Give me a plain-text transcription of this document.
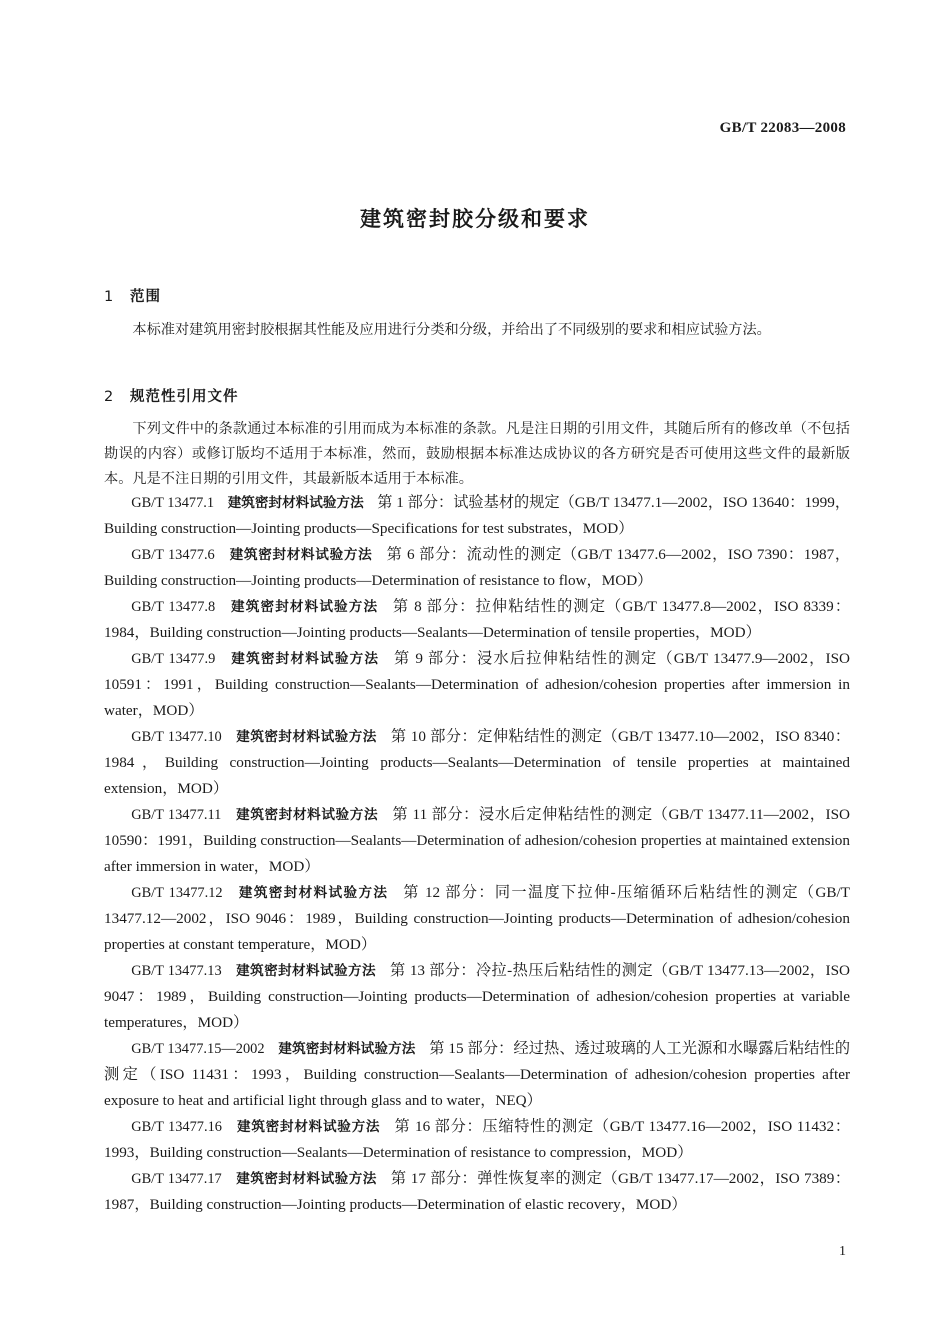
GB/T 22083—2008
建筑密封胶分级和要求
1 范围
本标准对建筑用密封胶根据其性能及应用进行分类和分级，并给出了不同级别的要求和相应试验方法。
2 规范性引用文件
下列文件中的条款通过本标准的引用而成为本标准的条款。凡是注日期的引用文件，其随后所有的修改单（不包括勘误的内容）或修订版均不适用于本标准，然而，鼓励根据本标准达成协议的各方研究是否可使用这些文件的最新版本。凡是不注日期的引用文件，其最新版本适用于本标准。

GB/T 13477.1　 建筑密封材料试验方法　 第 1 部分：试验基材的规定（GB/T 13477.1—2002，ISO 13640：1999，Building construction—Jointing products—Specifications for test substrates，MOD）

GB/T 13477.6　 建筑密封材料试验方法　 第 6 部分：流动性的测定（GB/T 13477.6—2002，ISO 7390：1987，Building construction—Jointing products—Determination of resistance to flow，MOD）

GB/T 13477.8　 建筑密封材料试验方法　 第 8 部分：拉伸粘结性的测定（GB/T 13477.8—2002，ISO 8339：1984，Building construction—Jointing products—Sealants—Determination of tensile properties，MOD）

GB/T 13477.9　 建筑密封材料试验方法　 第 9 部分：浸水后拉伸粘结性的测定（GB/T 13477.9—2002，ISO 10591：1991，Building construction—Sealants—Determination of adhesion/cohesion properties after immersion in water，MOD）

GB/T 13477.10　 建筑密封材料试验方法　 第 10 部分：定伸粘结性的测定（GB/T 13477.10—2002，ISO 8340：1984，Building construction—Jointing products—Sealants—Determination of tensile properties at maintained extension，MOD）

GB/T 13477.11　 建筑密封材料试验方法　 第 11 部分：浸水后定伸粘结性的测定（GB/T 13477.11—2002，ISO 10590：1991，Building construction—Sealants—Determination of adhesion/cohesion properties at maintained extension after immersion in water，MOD）

GB/T 13477.12　 建筑密封材料试验方法　 第 12 部分：同一温度下拉伸-压缩循环后粘结性的测定（GB/T 13477.12—2002，ISO 9046：1989，Building construction—Jointing products—Determination of adhesion/cohesion properties at constant temperature，MOD）

GB/T 13477.13　 建筑密封材料试验方法　 第 13 部分：冷拉-热压后粘结性的测定（GB/T 13477.13—2002，ISO 9047：1989，Building construction—Jointing products—Determination of adhesion/cohesion properties at variable temperatures，MOD）

GB/T 13477.15—2002　 建筑密封材料试验方法　 第 15 部分：经过热、透过玻璃的人工光源和水曝露后粘结性的测定（ISO 11431：1993，Building construction—Sealants—Determination of adhesion/cohesion properties after exposure to heat and artificial light through glass and to water，NEQ）

GB/T 13477.16　 建筑密封材料试验方法　 第 16 部分：压缩特性的测定（GB/T 13477.16—2002，ISO 11432：1993，Building construction—Sealants—Determination of resistance to compression，MOD）

GB/T 13477.17　 建筑密封材料试验方法　 第 17 部分：弹性恢复率的测定（GB/T 13477.17—2002，ISO 7389：1987，Building construction—Jointing products—Determination of elastic recovery，MOD）

1
